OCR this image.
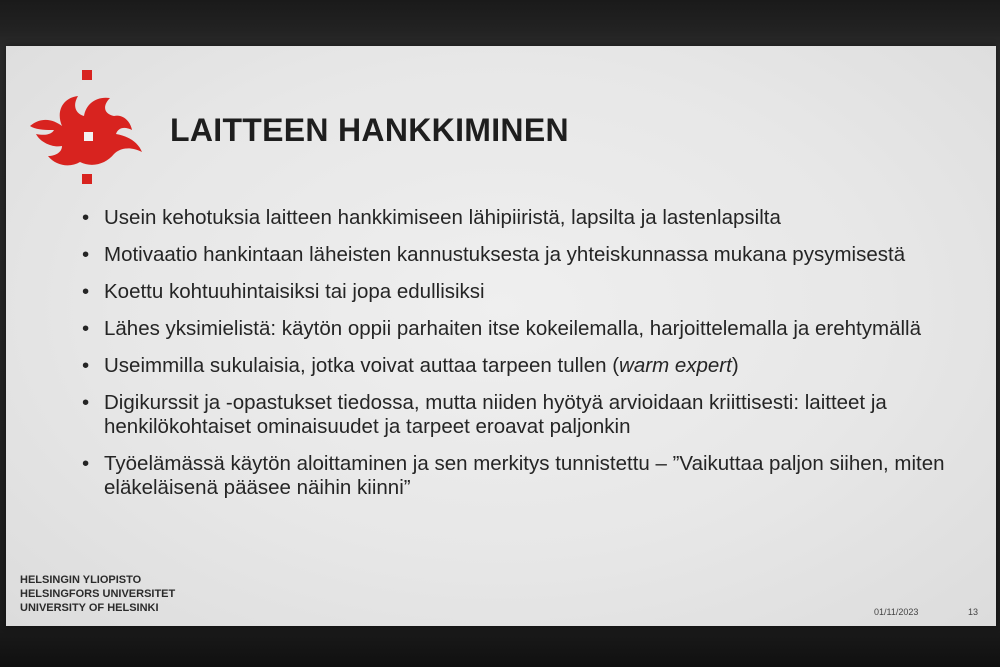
LAITTEEN HANKKIMINEN
• Usein kehotuksia laitteen hankkimiseen lähipiiristä, lapsilta ja lastenlapsilta
• Motivaatio hankintaan läheisten kannustuksesta ja yhteiskunnassa mukana pysymisestä
• Koettu kohtuuhintaisiksi tai jopa edullisiksi
• Lähes yksimielistä: käytön oppii parhaiten itse kokeilemalla, harjoittelemalla ja erehtymällä
• Useimmilla sukulaisia, jotka voivat auttaa tarpeen tullen (warm expert)
• Digikurssit ja -opastukset tiedossa, mutta niiden hyötyä arvioidaan kriittisesti: laitteet ja henkilökohtaiset ominaisuudet ja tarpeet eroavat paljonkin
• Työelämässä käytön aloittaminen ja sen merkitys tunnistettu – ”Vaikuttaa paljon siihen, miten eläkeläisenä pääsee näihin kiinni”
HELSINGIN YLIOPISTO
HELSINGFORS UNIVERSITET
UNIVERSITY OF HELSINKI	01/11/2023	13
